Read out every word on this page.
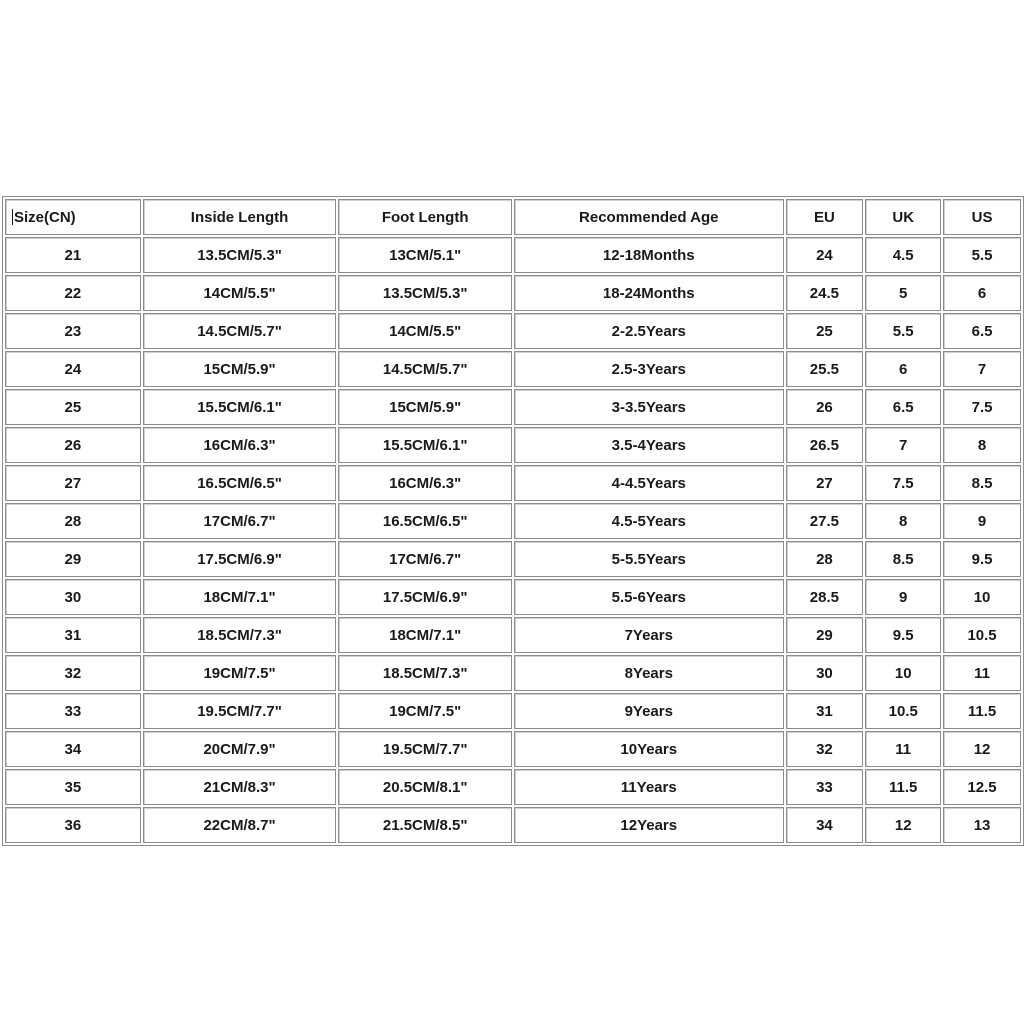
Size(CN)	Inside Length	Foot Length	Recommended Age	EU	UK	US
21	13.5CM/5.3"	13CM/5.1"	12-18Months	24	4.5	5.5
22	14CM/5.5"	13.5CM/5.3"	18-24Months	24.5	5	6
23	14.5CM/5.7"	14CM/5.5"	2-2.5Years	25	5.5	6.5
24	15CM/5.9"	14.5CM/5.7"	2.5-3Years	25.5	6	7
25	15.5CM/6.1"	15CM/5.9"	3-3.5Years	26	6.5	7.5
26	16CM/6.3"	15.5CM/6.1"	3.5-4Years	26.5	7	8
27	16.5CM/6.5"	16CM/6.3"	4-4.5Years	27	7.5	8.5
28	17CM/6.7"	16.5CM/6.5"	4.5-5Years	27.5	8	9
29	17.5CM/6.9"	17CM/6.7"	5-5.5Years	28	8.5	9.5
30	18CM/7.1"	17.5CM/6.9"	5.5-6Years	28.5	9	10
31	18.5CM/7.3"	18CM/7.1"	7Years	29	9.5	10.5
32	19CM/7.5"	18.5CM/7.3"	8Years	30	10	11
33	19.5CM/7.7"	19CM/7.5"	9Years	31	10.5	11.5
34	20CM/7.9"	19.5CM/7.7"	10Years	32	11	12
35	21CM/8.3"	20.5CM/8.1"	11Years	33	11.5	12.5
36	22CM/8.7"	21.5CM/8.5"	12Years	34	12	13
